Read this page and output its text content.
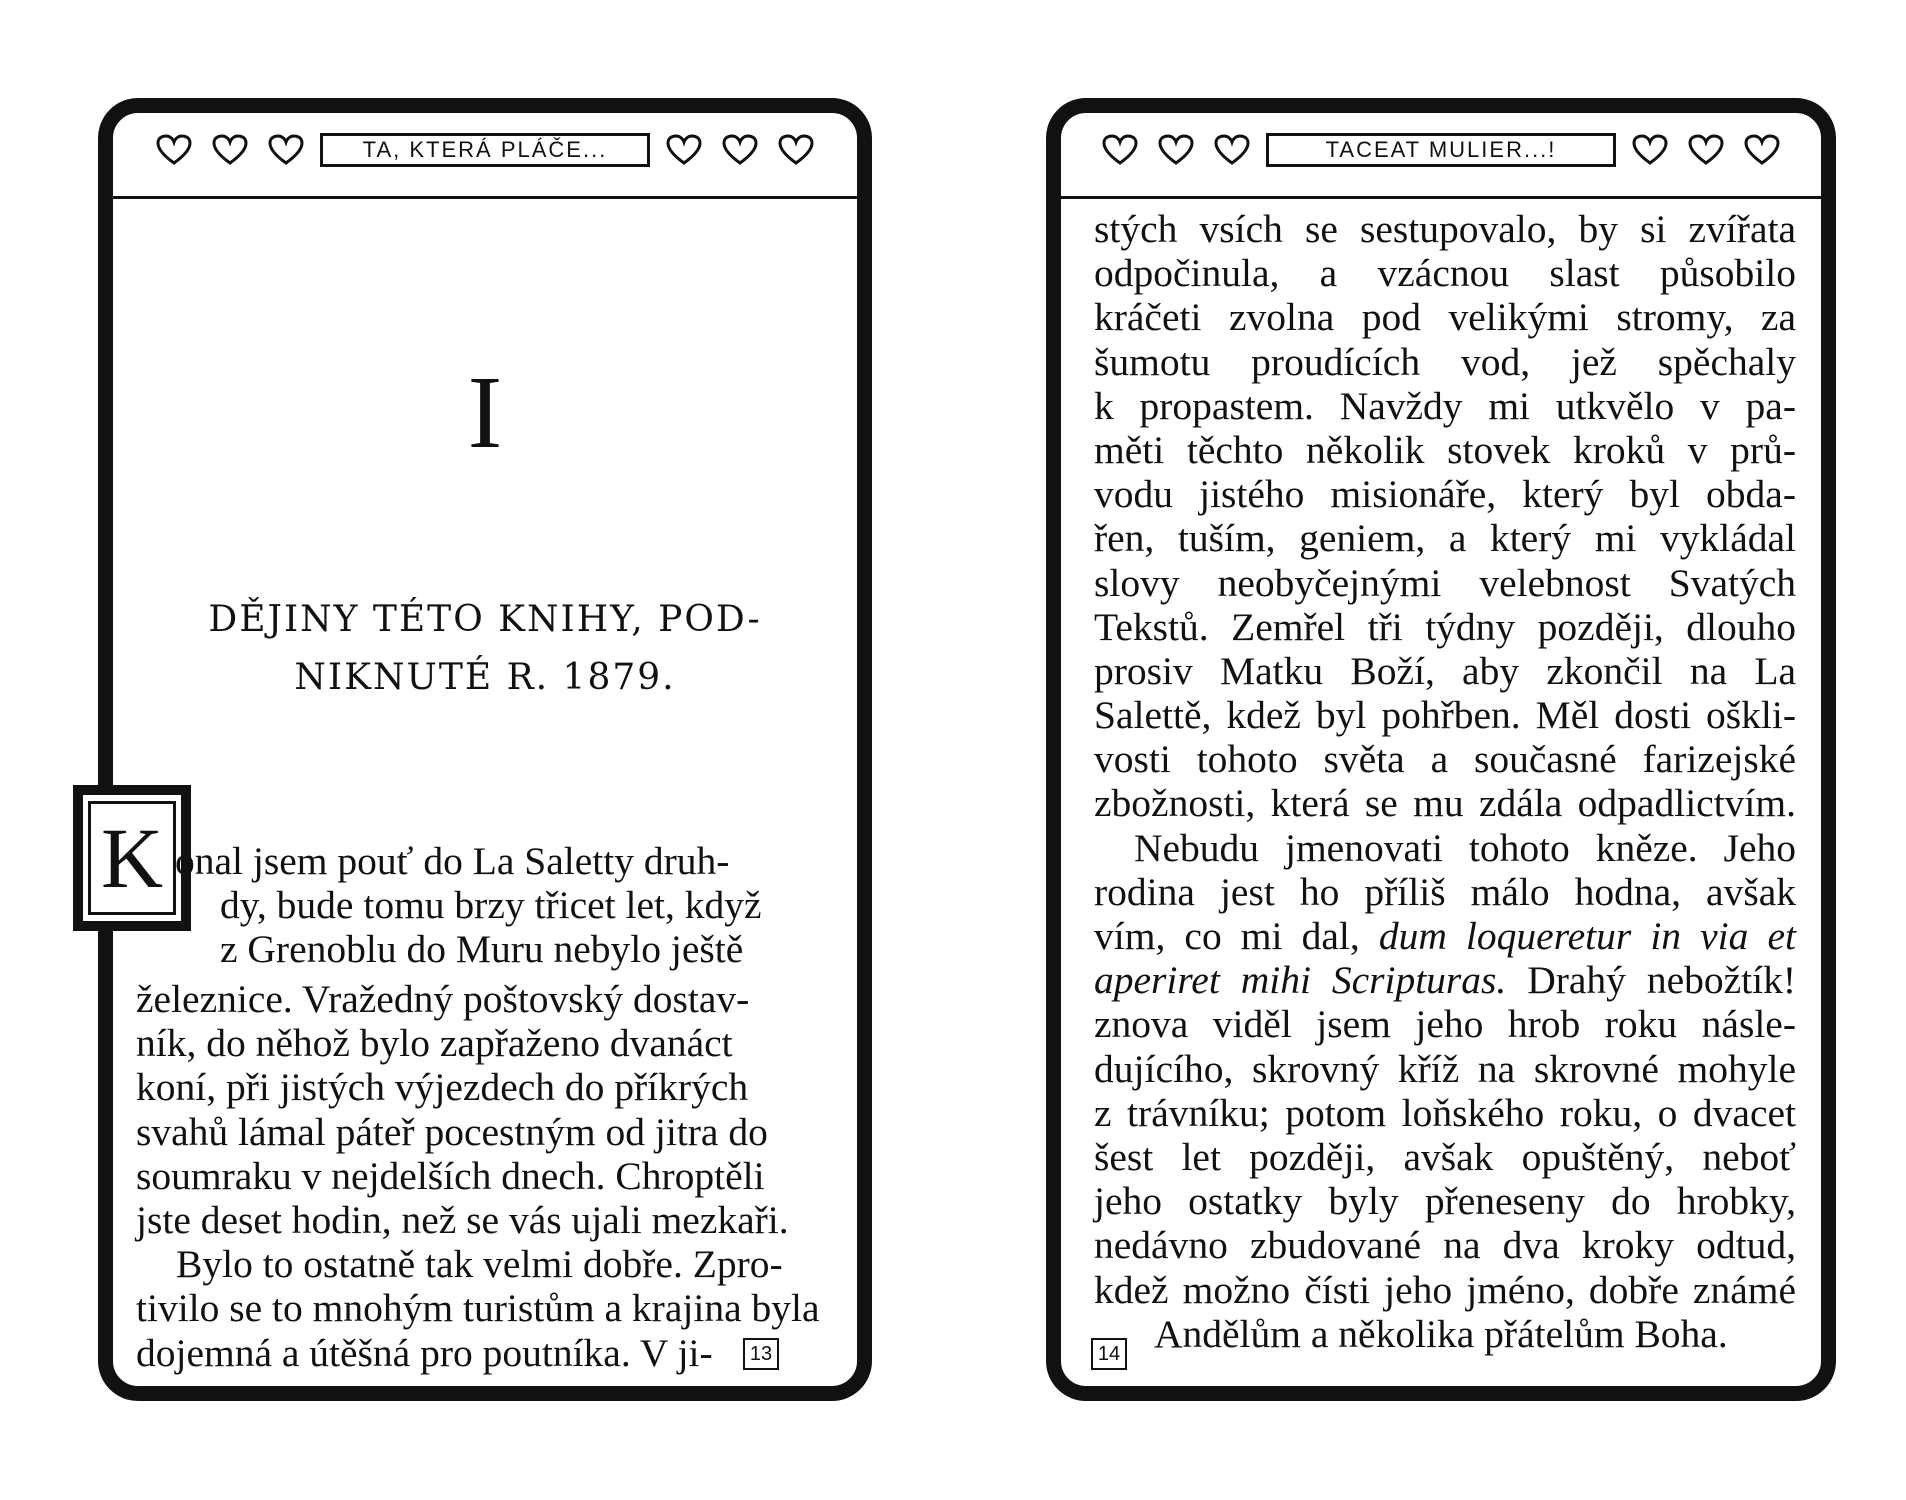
TA, KTERÁ PLÁČE...
I
DĚJINY TÉTO KNIHY, POD-
NIKNUTÉ R. 1879.
K onal jsem pouť do La Saletty druh-
dy, bude tomu brzy třicet let, když
z Grenoblu do Muru nebylo ještě
železnice. Vražedný poštovský dostav-
ník, do něhož bylo zapřaženo dvanáct
koní, při jistých výjezdech do příkrých
svahů lámal páteř pocestným od jitra do
soumraku v nejdelších dnech. Chroptěli
jste deset hodin, než se vás ujali mezkaři.
Bylo to ostatně tak velmi dobře. Zpro-
tivilo se to mnohým turistům a krajina byla
dojemná a útěšná pro poutníka. V ji-	13
TACEAT MULIER...!
stých vsích se sestupovalo, by si zvířata
odpočinula, a vzácnou slast působilo
kráčeti zvolna pod velikými stromy, za
šumotu proudících vod, jež spěchaly
k propastem. Navždy mi utkvělo v pa-
měti těchto několik stovek kroků v prů-
vodu jistého misionáře, který byl obda-
řen, tuším, geniem, a který mi vykládal
slovy neobyčejnými velebnost Svatých
Tekstů. Zemřel tři týdny později, dlouho
prosiv Matku Boží, aby zkončil na La
Salettě, kdež byl pohřben. Měl dosti oškli-
vosti tohoto světa a současné farizejské
zbožnosti, která se mu zdála odpadlictvím.
Nebudu jmenovati tohoto kněze. Jeho
rodina jest ho příliš málo hodna, avšak
vím, co mi dal, dum loqueretur in via et
aperiret mihi Scripturas. Drahý nebožtík!
znova viděl jsem jeho hrob roku násle-
dujícího, skrovný kříž na skrovné mohyle
z trávníku; potom loňského roku, o dvacet
šest let později, avšak opuštěný, neboť
jeho ostatky byly přeneseny do hrobky,
nedávno zbudované na dva kroky odtud,
kdež možno čísti jeho jméno, dobře známé
Andělům a několika přátelům Boha.
14
